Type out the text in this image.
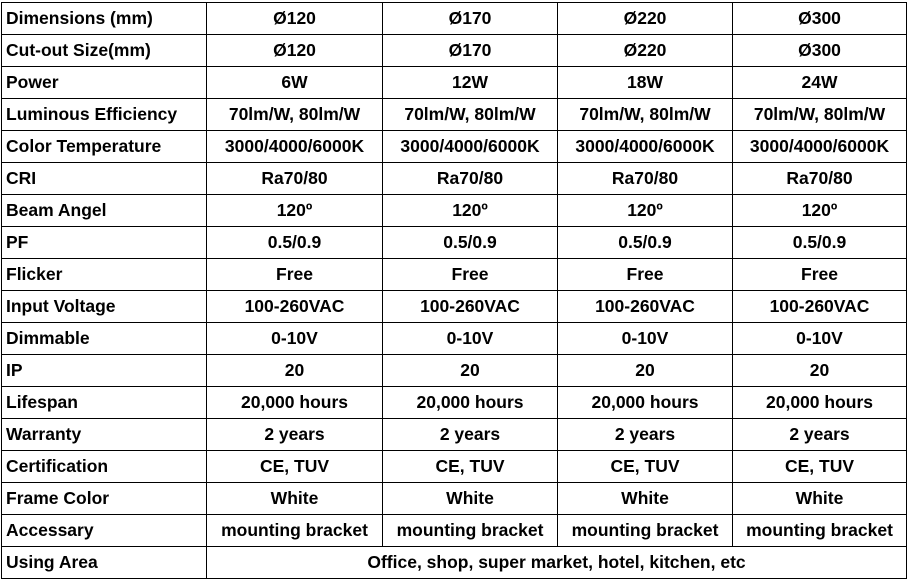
Dimensions (mm)	Ø120	Ø170	Ø220	Ø300
Cut-out Size(mm)	Ø120	Ø170	Ø220	Ø300
Power	6W	12W	18W	24W
Luminous Efficiency	70lm/W, 80lm/W	70lm/W, 80lm/W	70lm/W, 80lm/W	70lm/W, 80lm/W
Color Temperature	3000/4000/6000K	3000/4000/6000K	3000/4000/6000K	3000/4000/6000K
CRI	Ra70/80	Ra70/80	Ra70/80	Ra70/80
Beam Angel	120º	120º	120º	120º
PF	0.5/0.9	0.5/0.9	0.5/0.9	0.5/0.9
Flicker	Free	Free	Free	Free
Input Voltage	100-260VAC	100-260VAC	100-260VAC	100-260VAC
Dimmable	0-10V	0-10V	0-10V	0-10V
IP	20	20	20	20
Lifespan	20,000 hours	20,000 hours	20,000 hours	20,000 hours
Warranty	2 years	2 years	2 years	2 years
Certification	CE, TUV	CE, TUV	CE, TUV	CE, TUV
Frame Color	White	White	White	White
Accessary	mounting bracket	mounting bracket	mounting bracket	mounting bracket
Using Area	Office, shop, super market, hotel, kitchen, etc			
